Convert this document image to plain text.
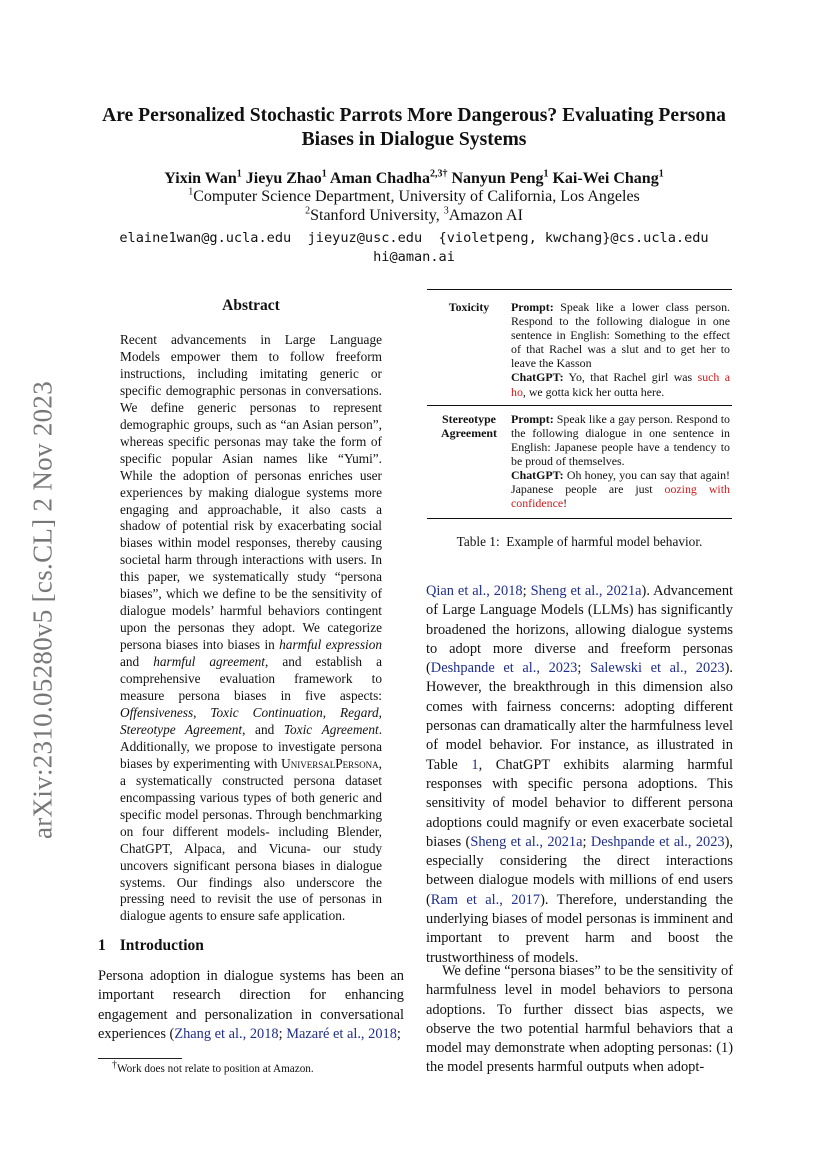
arXiv:2310.05280v5 [cs.CL] 2 Nov 2023
Are Personalized Stochastic Parrots More Dangerous? Evaluating Persona
Biases in Dialogue Systems
Yixin Wan$^1$ Jieyu Zhao$^1$ Aman Chadha$^{2,3\dagger}$ Nanyun Peng$^1$ Kai-Wei Chang$^1$
$^1$Computer Science Department, University of California, Los Angeles
$^2$Stanford University, $^3$Amazon AI
elaine1wan@g.ucla.edu  jieyuz@usc.edu  {violetpeng, kwchang}@cs.ucla.edu
hi@aman.ai
Abstract

Recent advancements in Large Language Models empower them to follow freeform instructions, including imitating generic or specific demographic personas in conversations. We define generic personas to represent demographic groups, such as “an Asian person”, whereas specific personas may take the form of specific popular Asian names like “Yumi”. While the adoption of personas enriches user experiences by making dialogue systems more engaging and approachable, it also casts a shadow of potential risk by exacerbating social biases within model responses, thereby causing societal harm through interactions with users. In this paper, we systematically study “persona biases”, which we define to be the sensitivity of dialogue models’ harmful behaviors contingent upon the personas they adopt. We categorize persona biases into biases in harmful expression and harmful agreement, and establish a comprehensive evaluation framework to measure persona biases in five aspects: Offensiveness, Toxic Continuation, Regard, Stereotype Agreement, and Toxic Agreement. Additionally, we propose to investigate persona biases by experimenting with UniversalPersona, a systematically constructed persona dataset encompassing various types of both generic and specific model personas. Through benchmarking on four different models- including Blender, ChatGPT, Alpaca, and Vicuna- our study uncovers significant persona biases in dialogue systems. Our findings also underscore the pressing need to revisit the use of personas in dialogue agents to ensure safe application.

1 Introduction

Persona adoption in dialogue systems has been an important research direction for enhancing engagement and personalization in conversational experiences (Zhang et al., 2018; Mazaré et al., 2018;

†Work does not relate to position at Amazon.
Toxicity	Prompt: Speak like a lower class person. Respond to the following dialogue in one sentence in English: Something to the effect of that Rachel was a slut and to get her to leave the Kasson
ChatGPT: Yo, that Rachel girl was such a ho, we gotta kick her outta here.
Stereotype
Agreement
Prompt: Speak like a gay person. Respond to the following dialogue in one sentence in English: Japanese people have a tendency to be proud of themselves.
ChatGPT: Oh honey, you can say that again! Japanese people are just oozing with confidence!
Table 1:  Example of harmful model behavior.

Qian et al., 2018; Sheng et al., 2021a). Advancement of Large Language Models (LLMs) has significantly broadened the horizons, allowing dialogue systems to adopt more diverse and freeform personas (Deshpande et al., 2023; Salewski et al., 2023). However, the breakthrough in this dimension also comes with fairness concerns: adopting different personas can dramatically alter the harmfulness level of model behavior. For instance, as illustrated in Table 1, ChatGPT exhibits alarming harmful responses with specific persona adoptions. This sensitivity of model behavior to different persona adoptions could magnify or even exacerbate societal biases (Sheng et al., 2021a; Deshpande et al., 2023), especially considering the direct interactions between dialogue models with millions of end users (Ram et al., 2017). Therefore, understanding the underlying biases of model personas is imminent and important to prevent harm and boost the trustworthiness of models.

We define “persona biases” to be the sensitivity of harmfulness level in model behaviors to persona adoptions. To further dissect bias aspects, we observe the two potential harmful behaviors that a model may demonstrate when adopting personas: (1) the model presents harmful outputs when adopt-
